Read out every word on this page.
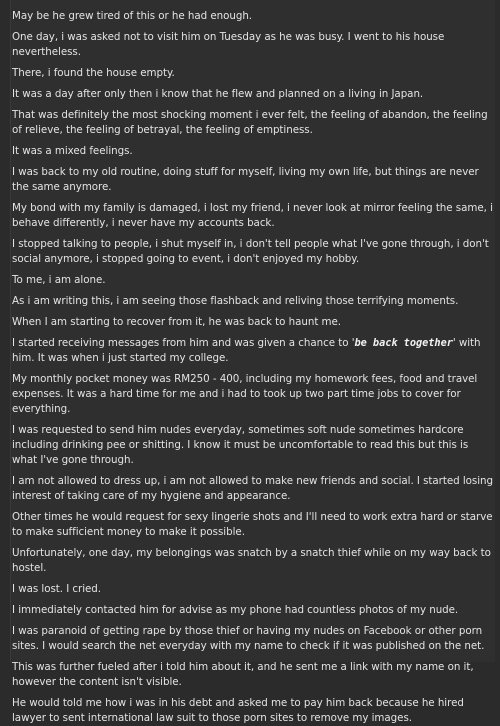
May be he grew tired of this or he had enough.

One day, i was asked not to visit him on Tuesday as he was busy. I went to his house nevertheless.

There, i found the house empty.

It was a day after only then i know that he flew and planned on a living in Japan.

That was definitely the most shocking moment i ever felt, the feeling of abandon, the feeling of relieve, the feeling of betrayal, the feeling of emptiness.

It was a mixed feelings.

I was back to my old routine, doing stuff for myself, living my own life, but things are never the same anymore.

My bond with my family is damaged, i lost my friend, i never look at mirror feeling the same, i behave differently, i never have my accounts back.

I stopped talking to people, i shut myself in, i don't tell people what I've gone through, i don't social anymore, i stopped going to event, i don't enjoyed my hobby.

To me, i am alone.

As i am writing this, i am seeing those flashback and reliving those terrifying moments.

When I am starting to recover from it, he was back to haunt me.

I started receiving messages from him and was given a chance to 'be back together' with him. It was when i just started my college.

My monthly pocket money was RM250 - 400, including my homework fees, food and travel expenses. It was a hard time for me and i had to took up two part time jobs to cover for everything.

I was requested to send him nudes everyday, sometimes soft nude sometimes hardcore including drinking pee or shitting. I know it must be uncomfortable to read this but this is what I've gone through.

I am not allowed to dress up, i am not allowed to make new friends and social. I started losing interest of taking care of my hygiene and appearance.

Other times he would request for sexy lingerie shots and I'll need to work extra hard or starve to make sufficient money to make it possible.

Unfortunately, one day, my belongings was snatch by a snatch thief while on my way back to hostel.

I was lost. I cried.

I immediately contacted him for advise as my phone had countless photos of my nude.

I was paranoid of getting rape by those thief or having my nudes on Facebook or other porn sites. I would search the net everyday with my name to check if it was published on the net.

This was further fueled after i told him about it, and he sent me a link with my name on it, however the content isn't visible.

He would told me how i was in his debt and asked me to pay him back because he hired lawyer to sent international law suit to those porn sites to remove my images.
